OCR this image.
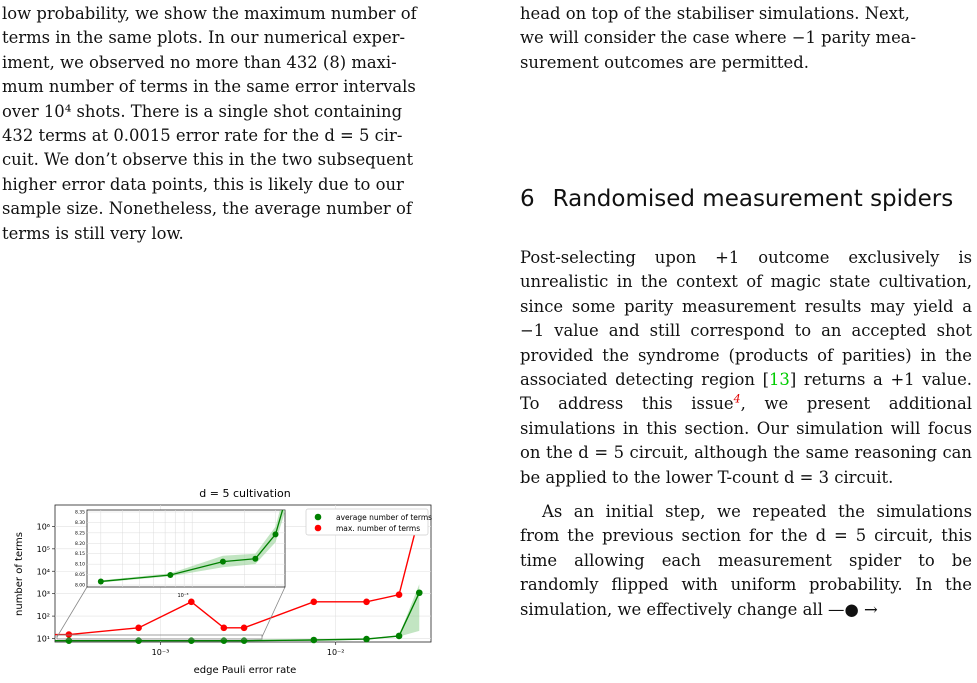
low probability, we show the maximum number of

terms in the same plots. In our numerical exper-

iment, we observed no more than 432 (8) maxi-

mum number of terms in the same error intervals

over 10⁴ shots. There is a single shot containing

432 terms at 0.0015 error rate for the d = 5 cir-

cuit. We don’t observe this in the two subsequent

higher error data points, this is likely due to our

sample size. Nonetheless, the average number of

terms is still very low.

head on top of the stabiliser simulations. Next,

we will consider the case where −1 parity mea-

surement outcomes are permitted.

6 Randomised measurement spiders

Post-selecting upon +1 outcome exclusively is unrealistic in the context of magic state cultivation, since some parity measurement results may yield a −1 value and still correspond to an accepted shot provided the syndrome (products of parities) in the associated detecting region [13] returns a +1 value. To address this issue$^4$, we present additional simulations in this section. Our simulation will focus on the d = 5 circuit, although the same reasoning can be applied to the lower T-count d = 3 circuit.

As an initial step, we repeated the simulations from the previous section for the d = 5 circuit, this time allowing each measurement spider to be randomly flipped with uniform probability. In the simulation, we effectively change all —● →

d = 5 cultivation
10¹
10²
10³
10⁴
10⁵
10⁶
10⁻³	10⁻²
edge Pauli error rate
number of terms	8.00
8.05
8.10
8.15
8.20
8.25
8.30
8.35
10⁻³
average number of terms
max. number of terms
